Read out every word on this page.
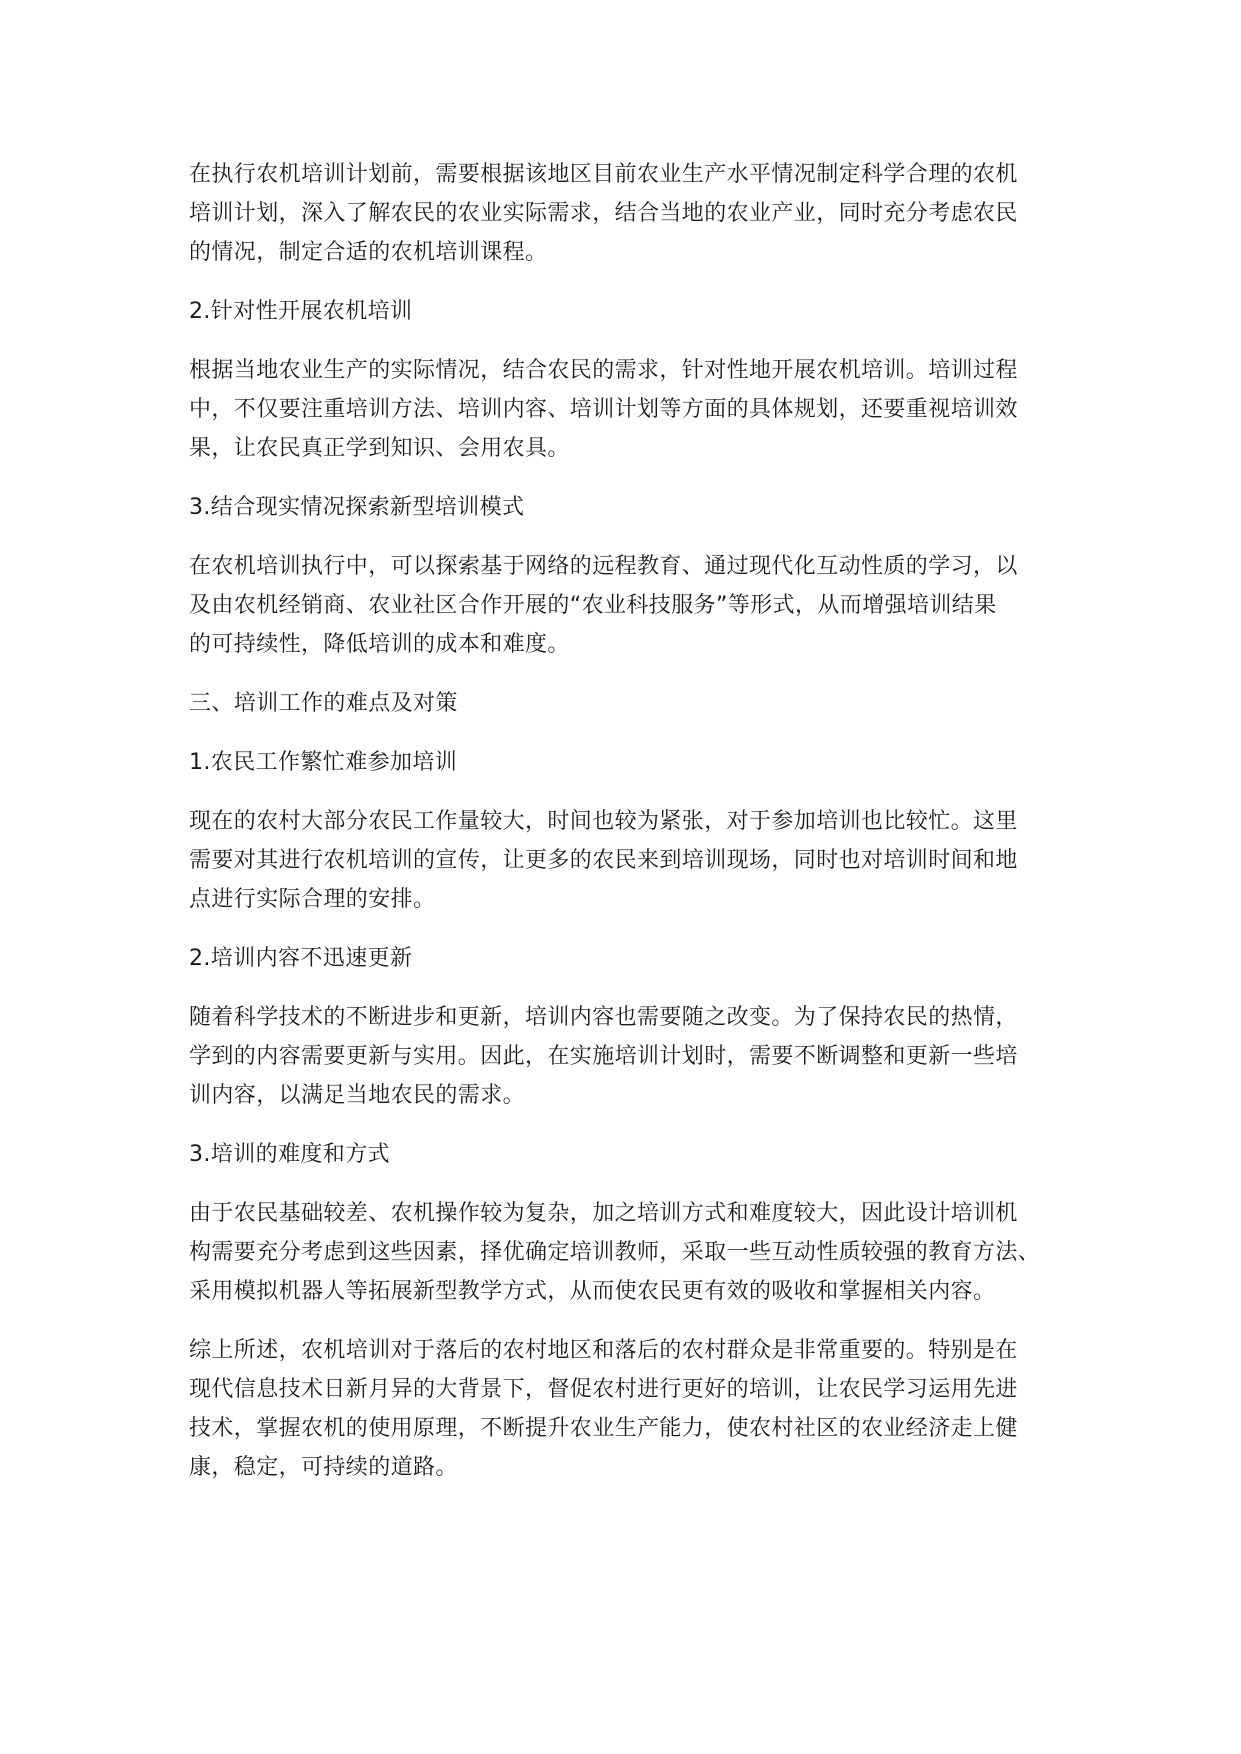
在执行农机培训计划前，需要根据该地区目前农业生产水平情况制定科学合理的农机
培训计划，深入了解农民的农业实际需求，结合当地的农业产业，同时充分考虑农民
的情况，制定合适的农机培训课程。

2.针对性开展农机培训

根据当地农业生产的实际情况，结合农民的需求，针对性地开展农机培训。培训过程
中，不仅要注重培训方法、培训内容、培训计划等方面的具体规划，还要重视培训效
果，让农民真正学到知识、会用农具。

3.结合现实情况探索新型培训模式

在农机培训执行中，可以探索基于网络的远程教育、通过现代化互动性质的学习，以
及由农机经销商、农业社区合作开展的“农业科技服务”等形式，从而增强培训结果
的可持续性，降低培训的成本和难度。

三、培训工作的难点及对策

1.农民工作繁忙难参加培训

现在的农村大部分农民工作量较大，时间也较为紧张，对于参加培训也比较忙。这里
需要对其进行农机培训的宣传，让更多的农民来到培训现场，同时也对培训时间和地
点进行实际合理的安排。

2.培训内容不迅速更新

随着科学技术的不断进步和更新，培训内容也需要随之改变。为了保持农民的热情，
学到的内容需要更新与实用。因此，在实施培训计划时，需要不断调整和更新一些培
训内容，以满足当地农民的需求。

3.培训的难度和方式

由于农民基础较差、农机操作较为复杂，加之培训方式和难度较大，因此设计培训机
构需要充分考虑到这些因素，择优确定培训教师，采取一些互动性质较强的教育方法、
采用模拟机器人等拓展新型教学方式，从而使农民更有效的吸收和掌握相关内容。

综上所述，农机培训对于落后的农村地区和落后的农村群众是非常重要的。特别是在
现代信息技术日新月异的大背景下，督促农村进行更好的培训，让农民学习运用先进
技术，掌握农机的使用原理，不断提升农业生产能力，使农村社区的农业经济走上健
康，稳定，可持续的道路。
